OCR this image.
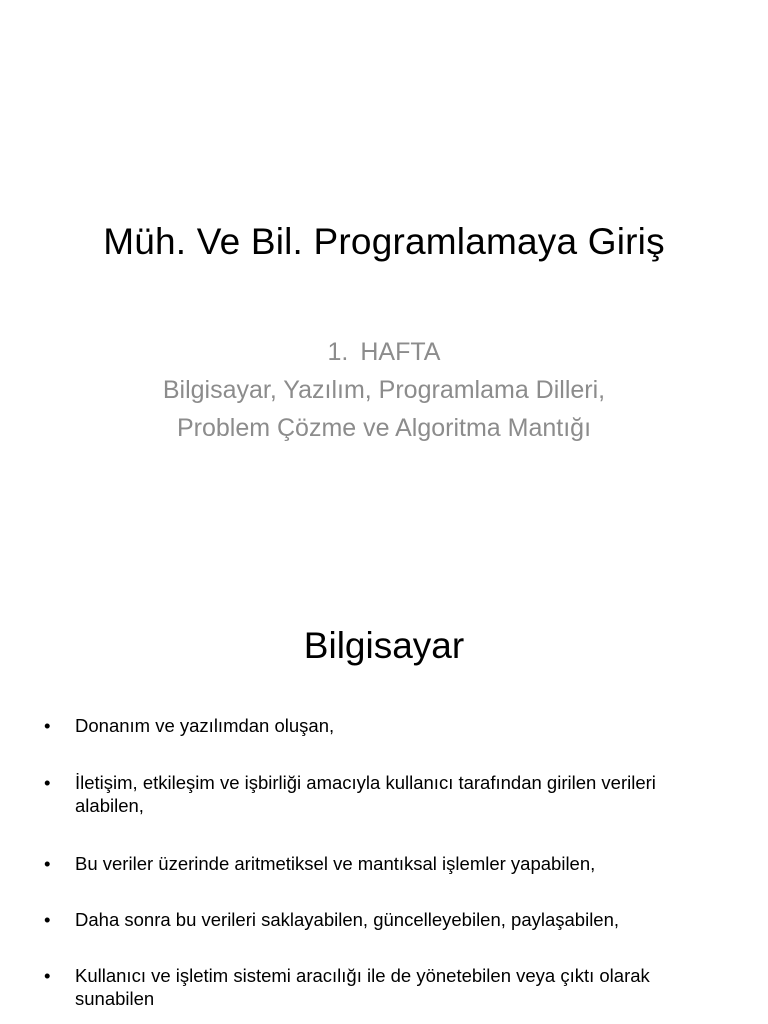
Müh. Ve Bil. Programlamaya Giriş
1. HAFTA
Bilgisayar, Yazılım, Programlama Dilleri,
Problem Çözme ve Algoritma Mantığı
Bilgisayar
• Donanım ve yazılımdan oluşan,
• İletişim, etkileşim ve işbirliği amacıyla kullanıcı tarafından girilen verileri alabilen,
• Bu veriler üzerinde aritmetiksel ve mantıksal işlemler yapabilen,
• Daha sonra bu verileri saklayabilen, güncelleyebilen, paylaşabilen,
• Kullanıcı ve işletim sistemi aracılığı ile de yönetebilen veya çıktı olarak sunabilen
